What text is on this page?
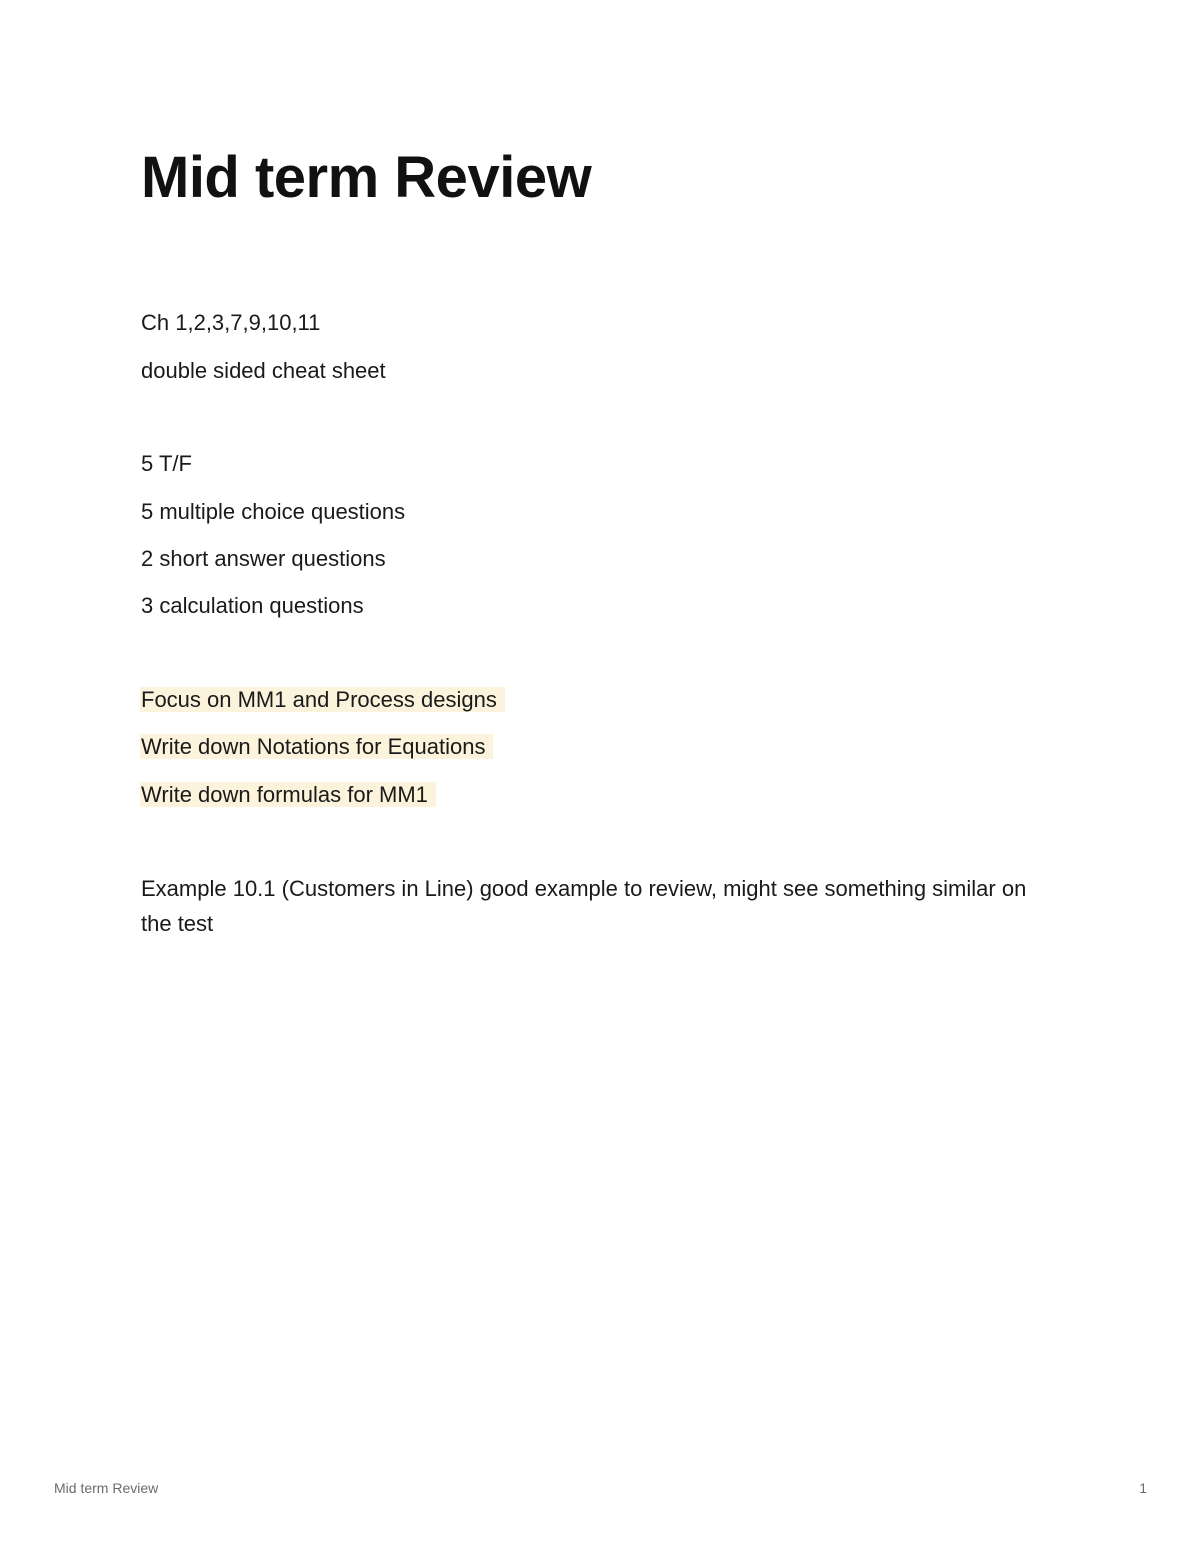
Mid term Review
Ch 1,2,3,7,9,10,11
double sided cheat sheet
5 T/F
5 multiple choice questions
2 short answer questions
3 calculation questions
Focus on MM1 and Process designs
Write down Notations for Equations
Write down formulas for MM1
Example 10.1 (Customers in Line) good example to review, might see something similar on the test
Mid term Review	1
